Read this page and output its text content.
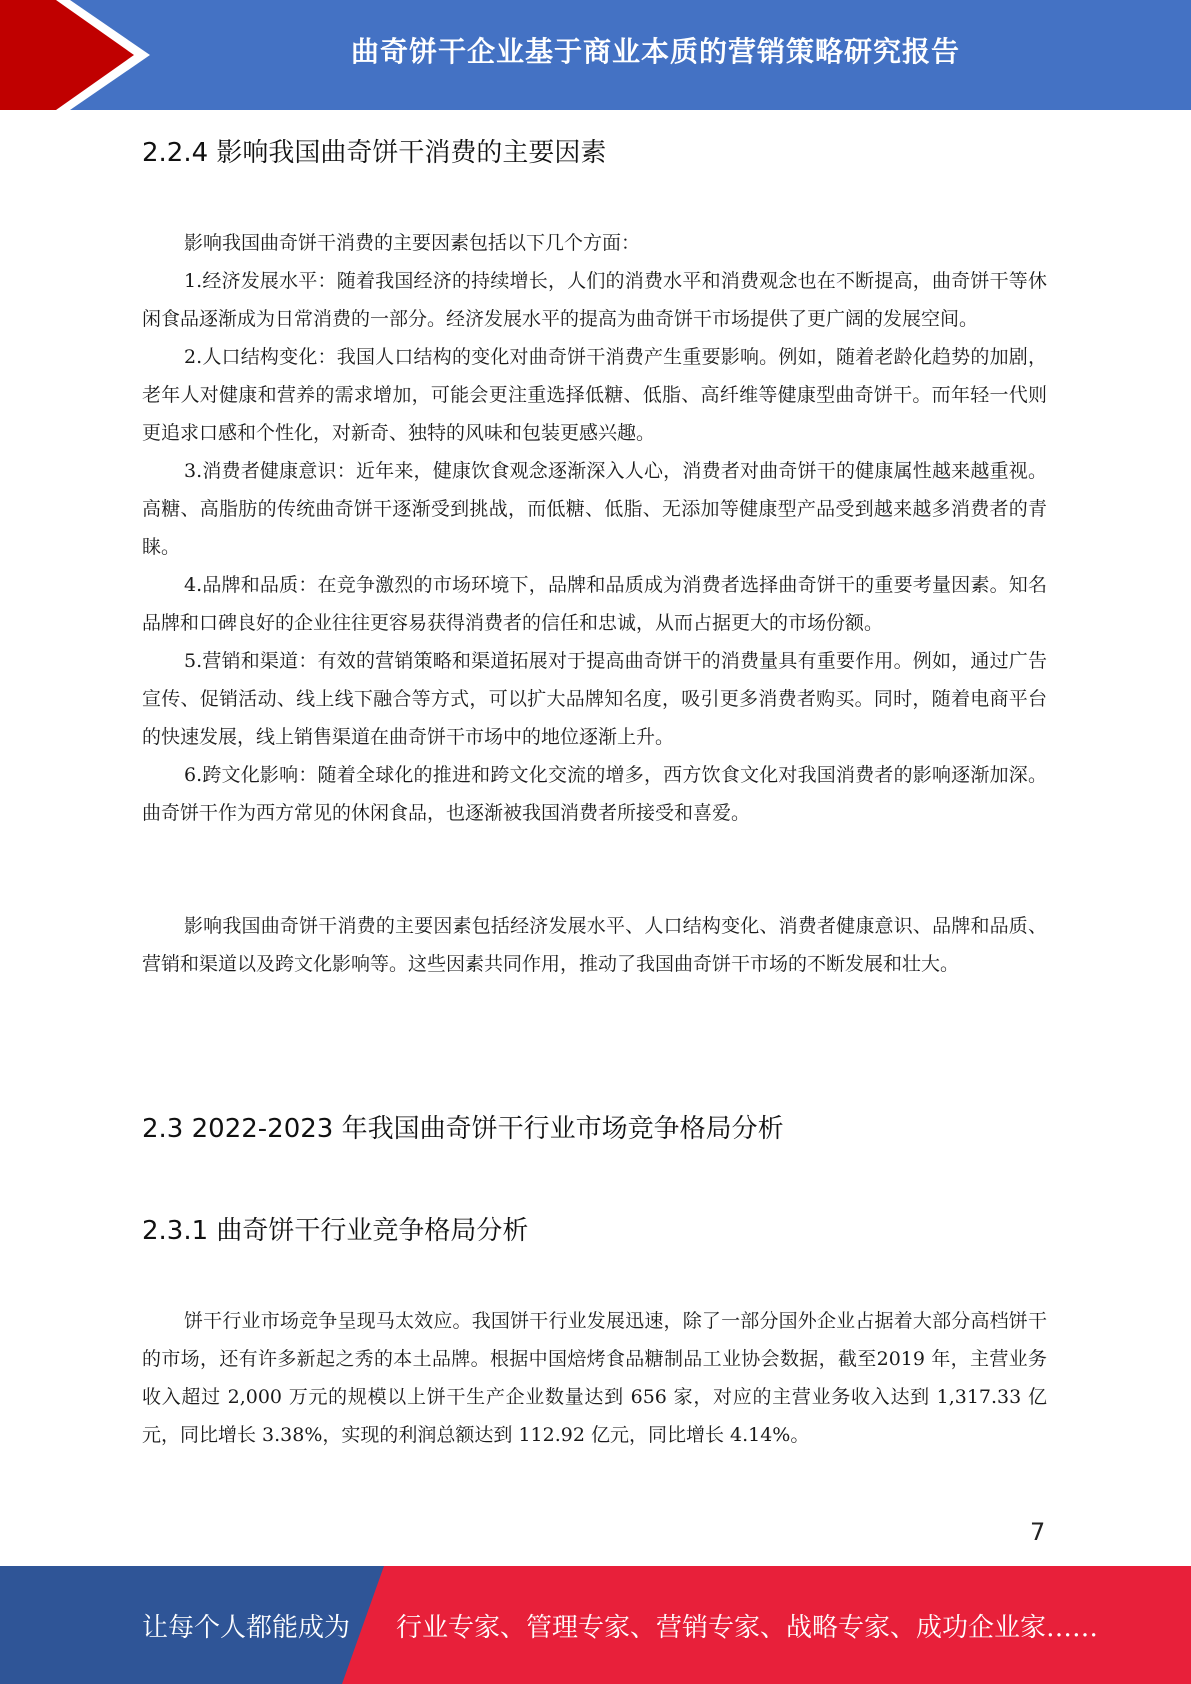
曲奇饼干企业基于商业本质的营销策略研究报告
2.2.4 影响我国曲奇饼干消费的主要因素

影响我国曲奇饼干消费的主要因素包括以下几个方面：

1.经济发展水平：随着我国经济的持续增长，人们的消费水平和消费观念也在不断提高，曲奇饼干等休闲食品逐渐成为日常消费的一部分。经济发展水平的提高为曲奇饼干市场提供了更广阔的发展空间。

2.人口结构变化：我国人口结构的变化对曲奇饼干消费产生重要影响。例如，随着老龄化趋势的加剧，老年人对健康和营养的需求增加，可能会更注重选择低糖、低脂、高纤维等健康型曲奇饼干。而年轻一代则更追求口感和个性化，对新奇、独特的风味和包装更感兴趣。

3.消费者健康意识：近年来，健康饮食观念逐渐深入人心，消费者对曲奇饼干的健康属性越来越重视。高糖、高脂肪的传统曲奇饼干逐渐受到挑战，而低糖、低脂、无添加等健康型产品受到越来越多消费者的青睐。

4.品牌和品质：在竞争激烈的市场环境下，品牌和品质成为消费者选择曲奇饼干的重要考量因素。知名品牌和口碑良好的企业往往更容易获得消费者的信任和忠诚，从而占据更大的市场份额。

5.营销和渠道：有效的营销策略和渠道拓展对于提高曲奇饼干的消费量具有重要作用。例如，通过广告宣传、促销活动、线上线下融合等方式，可以扩大品牌知名度，吸引更多消费者购买。同时，随着电商平台的快速发展，线上销售渠道在曲奇饼干市场中的地位逐渐上升。

6.跨文化影响：随着全球化的推进和跨文化交流的增多，西方饮食文化对我国消费者的影响逐渐加深。曲奇饼干作为西方常见的休闲食品，也逐渐被我国消费者所接受和喜爱。

影响我国曲奇饼干消费的主要因素包括经济发展水平、人口结构变化、消费者健康意识、品牌和品质、营销和渠道以及跨文化影响等。这些因素共同作用，推动了我国曲奇饼干市场的不断发展和壮大。

2.3 2022-2023 年我国曲奇饼干行业市场竞争格局分析
2.3.1 曲奇饼干行业竞争格局分析

饼干行业市场竞争呈现马太效应。我国饼干行业发展迅速，除了一部分国外企业占据着大部分高档饼干的市场，还有许多新起之秀的本土品牌。根据中国焙烤食品糖制品工业协会数据，截至2019 年，主营业务收入超过 2,000 万元的规模以上饼干生产企业数量达到 656 家，对应的主营业务收入达到 1,317.33 亿元，同比增长 3.38%，实现的利润总额达到 112.92 亿元，同比增长 4.14%。

7
让每个人都能成为 行业专家、管理专家、营销专家、战略专家、成功企业家……
